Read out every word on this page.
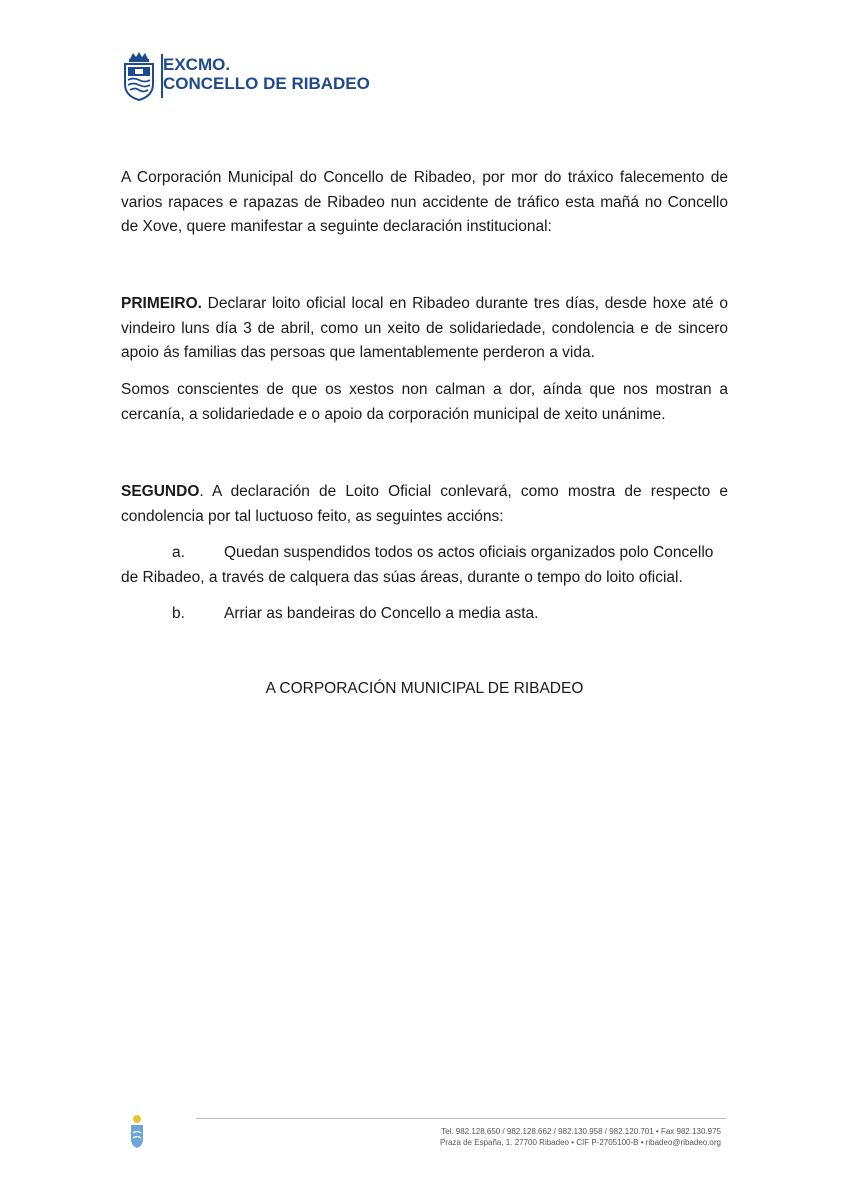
EXCMO.
CONCELLO DE RIBADEO
A Corporación Municipal do Concello de Ribadeo, por mor do tráxico falecemento de varios rapaces e rapazas de Ribadeo nun accidente de tráfico esta mañá no Concello de Xove, quere manifestar a seguinte declaración institucional:
PRIMEIRO. Declarar loito oficial local en Ribadeo durante tres días, desde hoxe até o vindeiro luns día 3 de abril, como un xeito de solidariedade, condolencia e de sincero apoio ás familias das persoas que lamentablemente perderon a vida.
Somos conscientes de que os xestos non calman a dor, aínda que nos mostran a cercanía, a solidariedade e o apoio da corporación municipal de xeito unánime.
SEGUNDO. A declaración de Loito Oficial conlevará, como mostra de respecto e condolencia por tal luctuoso feito, as seguintes accións:
a.	Quedan suspendidos todos os actos oficiais organizados polo Concello de Ribadeo, a través de calquera das súas áreas, durante o tempo do loito oficial.
b.	Arriar as bandeiras do Concello a media asta.
A CORPORACIÓN MUNICIPAL DE RIBADEO
Tel. 982.128.650 / 982.128.662 / 982.130.958 / 982.120.701 • Fax 982.130.975
Praza de España, 1. 27700 Ribadeo • CIF P-2705100-B • ribadeo@ribadeo.org
